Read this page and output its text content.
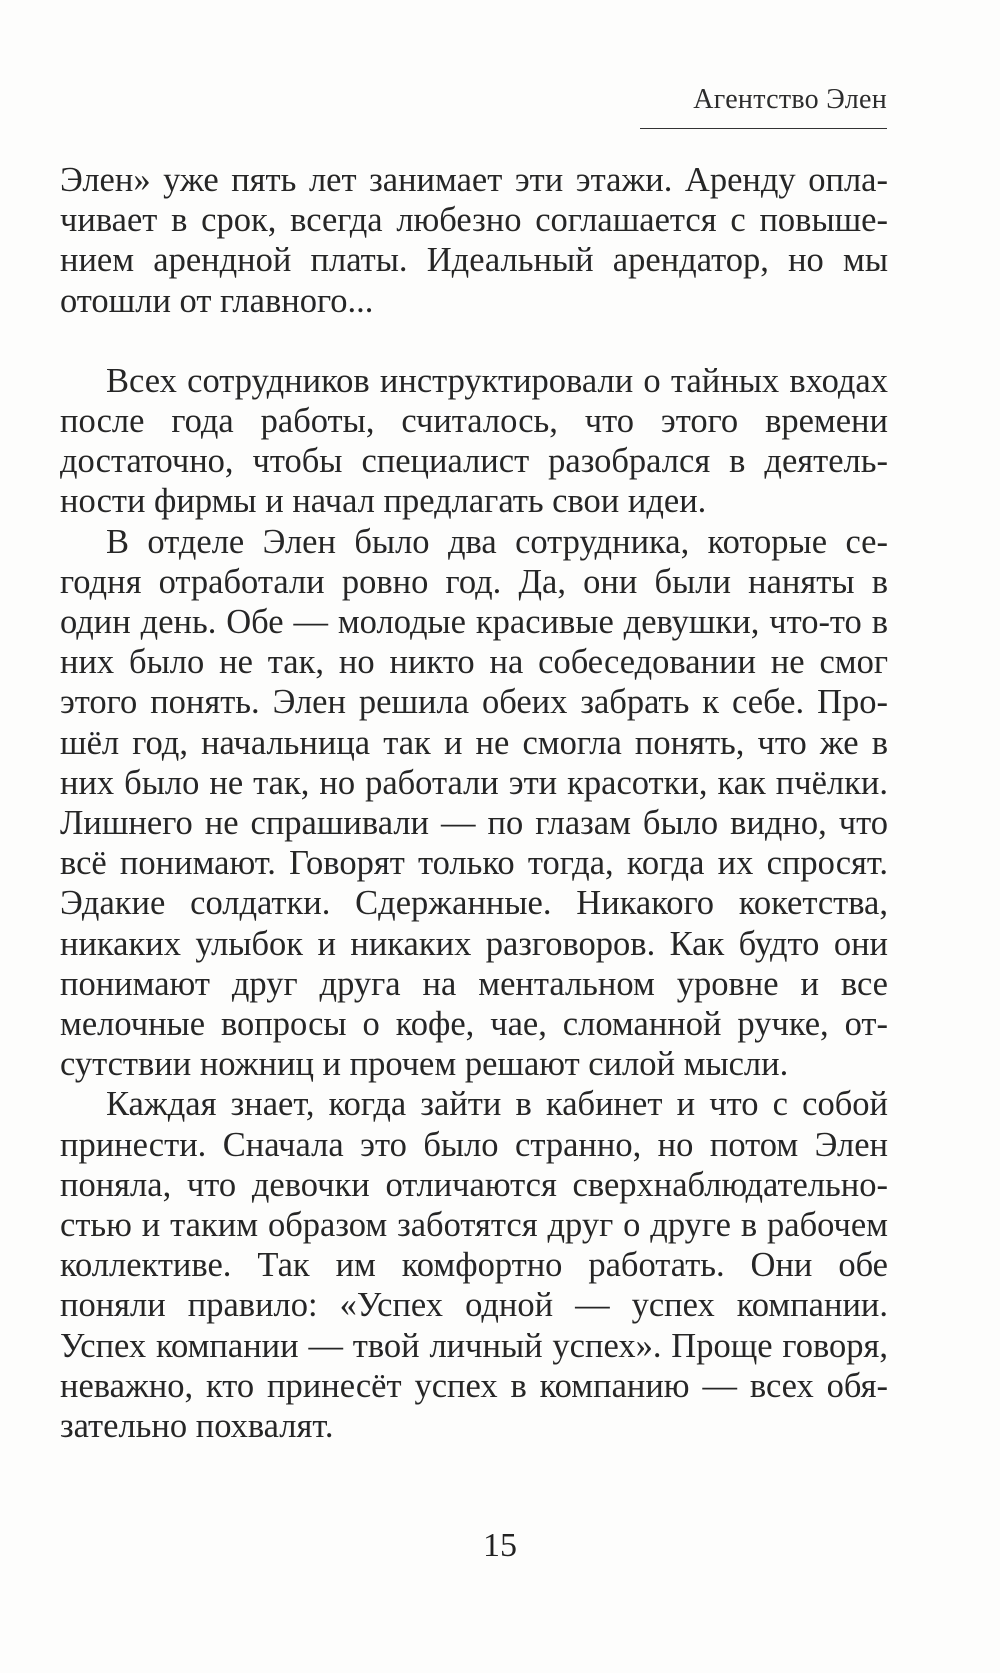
Агентство Элен

Элен» уже пять лет занимает эти этажи. Аренду оплачивает в срок, всегда любезно соглашается с повышением арендной платы. Идеальный арендатор, но мы отошли от главного...

Всех сотрудников инструктировали о тайных входах после года работы, считалось, что этого времени достаточно, чтобы специалист разобрался в деятельности фирмы и начал предлагать свои идеи.

В отделе Элен было два сотрудника, которые сегодня отработали ровно год. Да, они были наняты в один день. Обе — молодые красивые девушки, что-то в них было не так, но никто на собеседовании не смог этого понять. Элен решила обеих забрать к себе. Прошёл год, начальница так и не смогла понять, что же в них было не так, но работали эти красотки, как пчёлки. Лишнего не спрашивали — по глазам было видно, что всё понимают. Говорят только тогда, когда их спросят. Эдакие солдатки. Сдержанные. Никакого кокетства, никаких улыбок и никаких разговоров. Как будто они понимают друг друга на ментальном уровне и все мелочные вопросы о кофе, чае, сломанной ручке, отсутствии ножниц и прочем решают силой мысли.

Каждая знает, когда зайти в кабинет и что с собой принести. Сначала это было странно, но потом Элен поняла, что девочки отличаются сверхнаблюдательностью и таким образом заботятся друг о друге в рабочем коллективе. Так им комфортно работать. Они обе поняли правило: «Успех одной — успех компании. Успех компании — твой личный успех». Проще говоря, неважно, кто принесёт успех в компанию — всех обязательно похвалят.

15
